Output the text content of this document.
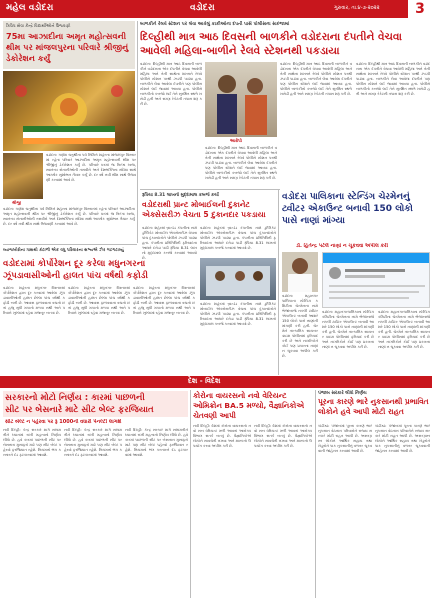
મહેલ વડોદરા	વડોદરા	ગુરુવાર, તા.૪-૭-૨૦૨૨	3
ત્રિવિધ સેવા કેન્દ્રે વિદ્યાર્થીઓને ઉજવણી
75મા આઝાદીના અમૃત મહોત્સવની થીમ પર માંજલપુરના પરિવારે શ્રીજીનું ડેકોરેશન કર્યું
શ્રીજી
વડોદરા: ગણેશ ચતુર્થીના પર્વ નિમિત્તે શહેરના માંજલપુર વિસ્તારમાં રહેતા પરિવારે આઝાદીના અમૃત મહોત્સવની થીમ પર શ્રીજીનું ડેકોરેશન કર્યું છે. પરિવારે ઘરમાં જ ત્રિરંગા ધ્વજ, સ્વાતંત્ર્ય સેનાનીઓની તસવીરો અને દેશભક્તિના સંદેશા સાથે આકર્ષક સુશોભન તૈયાર કર્યું છે. દર વર્ષે નવી થીમ સાથે ઉજવણી કરવામાં આવે છે.
વડોદરા: ગણેશ ચતુર્થીના પર્વ નિમિત્તે શહેરના માંજલપુર વિસ્તારમાં રહેતા પરિવારે આઝાદીના અમૃત મહોત્સવની થીમ પર શ્રીજીનું ડેકોરેશન કર્યું છે. પરિવારે ઘરમાં જ ત્રિરંગા ધ્વજ, સ્વાતંત્ર્ય સેનાનીઓની તસવીરો અને દેશભક્તિના સંદેશા સાથે આકર્ષક સુશોભન તૈયાર કર્યું છે. દર વર્ષે નવી થીમ સાથે ઉજવણી કરવામાં આવે છે.
બાળકીને રેલવે સ્ટેશન પર લેવા આવેલું કાકીઓના દંપતી પાસે પોલીસના સકંજામાં
દિલ્હીથી માત્ર આઠ દિવસની બાળકીને વડોદરાના દંપતીને વેચવા આવેલી મહિલા-બાળીને રેલવે સ્ટેશનથી પકડાયા
વડોદરા: દિલ્હીથી માત્ર આઠ દિવસની બાળકીને વડોદરાના એક દંપતીને વેચવા આવેલી મહિલા અને તેની સાથેના શખ્સને રેલવે પોલીસે સ્ટેશન પરથી ઝડપી પાડ્યા હતા. બાળકીને લેવા આવેલા દંપતીને પણ પોલીસ સ્ટેશને લઈ જવામાં આવ્યા હતા. પોલીસે બાળકીનો કબજો લઈ તેને સુરક્ષિત સ્થળે ખસેડી હતી અને સમગ્ર રેકેટની તપાસ શરૂ કરી છે.
આરોપી
વડોદરા: દિલ્હીથી માત્ર આઠ દિવસની બાળકીને વડોદરાના એક દંપતીને વેચવા આવેલી મહિલા અને તેની સાથેના શખ્સને રેલવે પોલીસે સ્ટેશન પરથી ઝડપી પાડ્યા હતા. બાળકીને લેવા આવેલા દંપતીને પણ પોલીસ સ્ટેશને લઈ જવામાં આવ્યા હતા. પોલીસે બાળકીનો કબજો લઈ તેને સુરક્ષિત સ્થળે ખસેડી હતી અને સમગ્ર રેકેટની તપાસ શરૂ કરી છે.
વડોદરા: દિલ્હીથી માત્ર આઠ દિવસની બાળકીને વડોદરાના એક દંપતીને વેચવા આવેલી મહિલા અને તેની સાથેના શખ્સને રેલવે પોલીસે સ્ટેશન પરથી ઝડપી પાડ્યા હતા. બાળકીને લેવા આવેલા દંપતીને પણ પોલીસ સ્ટેશને લઈ જવામાં આવ્યા હતા. પોલીસે બાળકીનો કબજો લઈ તેને સુરક્ષિત સ્થળે ખસેડી હતી અને સમગ્ર રેકેટની તપાસ શરૂ કરી છે.
વડોદરા: દિલ્હીથી માત્ર આઠ દિવસની બાળકીને વડોદરાના એક દંપતીને વેચવા આવેલી મહિલા અને તેની સાથેના શખ્સને રેલવે પોલીસે સ્ટેશન પરથી ઝડપી પાડ્યા હતા. બાળકીને લેવા આવેલા દંપતીને પણ પોલીસ સ્ટેશને લઈ જવામાં આવ્યા હતા. પોલીસે બાળકીનો કબજો લઈ તેને સુરક્ષિત સ્થળે ખસેડી હતી અને સમગ્ર રેકેટની તપાસ શરૂ કરી છે.
રૂપિયા 8.31 લાખનો મુદ્દામાલ કબજે કર્યો
વડોદરાથી પ્રાન્ટ મોબાઈલની દુકાનેટ એક્સેસરીઝ વેચતા 5 દુકાનદાર પકડાયા
વડોદરા: શહેરમાં બ્રાન્ડેડ કંપનીના નામે ડુપ્લિકેટ મોબાઈલ એક્સેસરીઝ વેચતા પાંચ દુકાનદારોને પોલીસે ઝડપી પાડ્યા હતા. કંપનીના પ્રતિનિધિની ફરિયાદના આધારે દરોડા પાડી રૂપિયા 8.31 લાખનો મુદ્દામાલ કબજે કરવામાં આવ્યો છે.
વડોદરા: શહેરમાં બ્રાન્ડેડ કંપનીના નામે ડુપ્લિકેટ મોબાઈલ એક્સેસરીઝ વેચતા પાંચ દુકાનદારોને પોલીસે ઝડપી પાડ્યા હતા. કંપનીના પ્રતિનિધિની ફરિયાદના આધારે દરોડા પાડી રૂપિયા 8.31 લાખનો મુદ્દામાલ કબજે કરવામાં આવ્યો છે.
વડોદરા: શહેરમાં બ્રાન્ડેડ કંપનીના નામે ડુપ્લિકેટ મોબાઈલ એક્સેસરીઝ વેચતા પાંચ દુકાનદારોને પોલીસે ઝડપી પાડ્યા હતા. કંપનીના પ્રતિનિધિની ફરિયાદના આધારે દરોડા પાડી રૂપિયા 8.31 લાખનો મુદ્દામાલ કબજે કરવામાં આવ્યો છે.
વડોદરા પાલિકાના સ્ટેન્ડિંગ ચેરમેનનું ટ્વીટર એકાઉન્ટ બનાવી 150 લોકો પાસે નાણાં માંગ્યા
ડૉ. હિતેન્દ્ર પટેલે નાણાં ન ચૂકવવા અપીલ કરી
વડોદરા: મહાનગરપાલિકાના સ્ટેન્ડિંગ કમિટીના ચેરમેનના નામે ભેજાબાજે નકલી ટ્વીટર એકાઉન્ટ બનાવી આશરે 150 લોકો પાસે નાણાંની માંગણી કરી હતી. ચેરમેને તાત્કાલિક સાયબર ક્રાઇમ પોલીસમાં ફરિયાદ કરી છે અને નાગરિકોને કોઈ પણ પ્રકારના નાણાં ન ચૂકવવા અપીલ કરી છે.
વડોદરા: મહાનગરપાલિકાના સ્ટેન્ડિંગ કમિટીના ચેરમેનના નામે ભેજાબાજે નકલી ટ્વીટર એકાઉન્ટ બનાવી આશરે 150 લોકો પાસે નાણાંની માંગણી કરી હતી. ચેરમેને તાત્કાલિક સાયબર ક્રાઇમ પોલીસમાં ફરિયાદ કરી છે અને નાગરિકોને કોઈ પણ પ્રકારના નાણાં ન ચૂકવવા અપીલ કરી છે.
વડોદરા: મહાનગરપાલિકાના સ્ટેન્ડિંગ કમિટીના ચેરમેનના નામે ભેજાબાજે નકલી ટ્વીટર એકાઉન્ટ બનાવી આશરે 150 લોકો પાસે નાણાંની માંગણી કરી હતી. ચેરમેને તાત્કાલિક સાયબર ક્રાઇમ પોલીસમાં ફરિયાદ કરી છે અને નાગરિકોને કોઈ પણ પ્રકારના નાણાં ન ચૂકવવા અપીલ કરી છે.
વ્યાજખોરોના ત્રાસથી કંટાળી એક વધુ પરિવારના સભ્યએ ઝેર ગટગટાવ્યું
વડોદરામાં કોર્પોરેશન દૂર કરેલા મધુનગરના ઝૂંપડાવાસીઓની હાલત પાંચ વર્ષથી કફોડી
વડોદરા: શહેરના મધુનગર વિસ્તારમાં કોર્પોરેશન દ્વારા દૂર કરવામાં આવેલા ઝૂંપડાવાસીઓની હાલત છેલ્લા પાંચ વર્ષથી કફોડી બની છે. આવાસ ફાળવવાના વચનો છતાં હજુ સુધી મકાનો મળ્યા નથી અને પરિવારો ખુલ્લામાં રહેવા મજબૂર બન્યા છે.
વડોદરા: શહેરના મધુનગર વિસ્તારમાં કોર્પોરેશન દ્વારા દૂર કરવામાં આવેલા ઝૂંપડાવાસીઓની હાલત છેલ્લા પાંચ વર્ષથી કફોડી બની છે. આવાસ ફાળવવાના વચનો છતાં હજુ સુધી મકાનો મળ્યા નથી અને પરિવારો ખુલ્લામાં રહેવા મજબૂર બન્યા છે.
વડોદરા: શહેરના મધુનગર વિસ્તારમાં કોર્પોરેશન દ્વારા દૂર કરવામાં આવેલા ઝૂંપડાવાસીઓની હાલત છેલ્લા પાંચ વર્ષથી કફોડી બની છે. આવાસ ફાળવવાના વચનો છતાં હજુ સુધી મકાનો મળ્યા નથી અને પરિવારો ખુલ્લામાં રહેવા મજબૂર બન્યા છે.
દેશ - વિદેશ
સરકારનો મોટો નિર્ણય : કારમાં પાછળની
સીટ પર બેસનારે માટે સીટ બેલ્ટ ફરજિયાત
સીટ બેલ્ટ ન પહેરવા પર રૂ 1000ની વધારી પેનલ્ટી લાગશે
નવી દિલ્હી: કેન્દ્ર સરકારે માર્ગ સલામતીને ધ્યાનમાં રાખી મહત્વનો નિર્ણય લીધો છે. હવે કારમાં પાછળની સીટ પર બેસનારા મુસાફરો માટે પણ સીટ બેલ્ટ પહેરવો ફરજિયાત રહેશે. નિયમનો ભંગ કરનારને દંડ ફટકારવામાં આવશે.
નવી દિલ્હી: કેન્દ્ર સરકારે માર્ગ સલામતીને ધ્યાનમાં રાખી મહત્વનો નિર્ણય લીધો છે. હવે કારમાં પાછળની સીટ પર બેસનારા મુસાફરો માટે પણ સીટ બેલ્ટ પહેરવો ફરજિયાત રહેશે. નિયમનો ભંગ કરનારને દંડ ફટકારવામાં આવશે.
નવી દિલ્હી: કેન્દ્ર સરકારે માર્ગ સલામતીને ધ્યાનમાં રાખી મહત્વનો નિર્ણય લીધો છે. હવે કારમાં પાછળની સીટ પર બેસનારા મુસાફરો માટે પણ સીટ બેલ્ટ પહેરવો ફરજિયાત રહેશે. નિયમનો ભંગ કરનારને દંડ ફટકારવામાં આવશે.
કોરોના વાયરસનો નવો વેરિયન્ટ ઓમિક્રોન BA.5 મળ્યો, વૈજ્ઞાનિકોએ ચેતવણી આપી
નવી દિલ્હી: દેશમાં કોરોના વાયરસનો નવો સબ વેરિયન્ટ મળી આવતાં આરોગ્ય વિભાગ સતર્ક બન્યું છે. વૈજ્ઞાનિકોએ લોકોને સાવચેતી રાખવા અને માસ્કનો ઉપયોગ કરવા અપીલ કરી છે.
નવી દિલ્હી: દેશમાં કોરોના વાયરસનો નવો સબ વેરિયન્ટ મળી આવતાં આરોગ્ય વિભાગ સતર્ક બન્યું છે. વૈજ્ઞાનિકોએ લોકોને સાવચેતી રાખવા અને માસ્કનો ઉપયોગ કરવા અપીલ કરી છે.
પંજાબ સરકારે લીધો નિર્ણય
પૂરના કારણે ભારે નુકસાનથી પ્રભાવિત લોકોને હવે આપી મોટી રાહત
ચંડીગઢ: પંજાબમાં પૂરના કારણે ભારે નુકસાન વેઠનારા પરિવારોને રાજ્ય સરકારે મોટી રાહત આપી છે. અસરગ્રસ્ત લોકોને આર્થિક સહાય તથા ખેડૂતોને પાક નુકસાનીનું વળતર ચૂકવવાની જાહેરાત કરવામાં આવી છે.
ચંડીગઢ: પંજાબમાં પૂરના કારણે ભારે નુકસાન વેઠનારા પરિવારોને રાજ્ય સરકારે મોટી રાહત આપી છે. અસરગ્રસ્ત લોકોને આર્થિક સહાય તથા ખેડૂતોને પાક નુકસાનીનું વળતર ચૂકવવાની જાહેરાત કરવામાં આવી છે.
